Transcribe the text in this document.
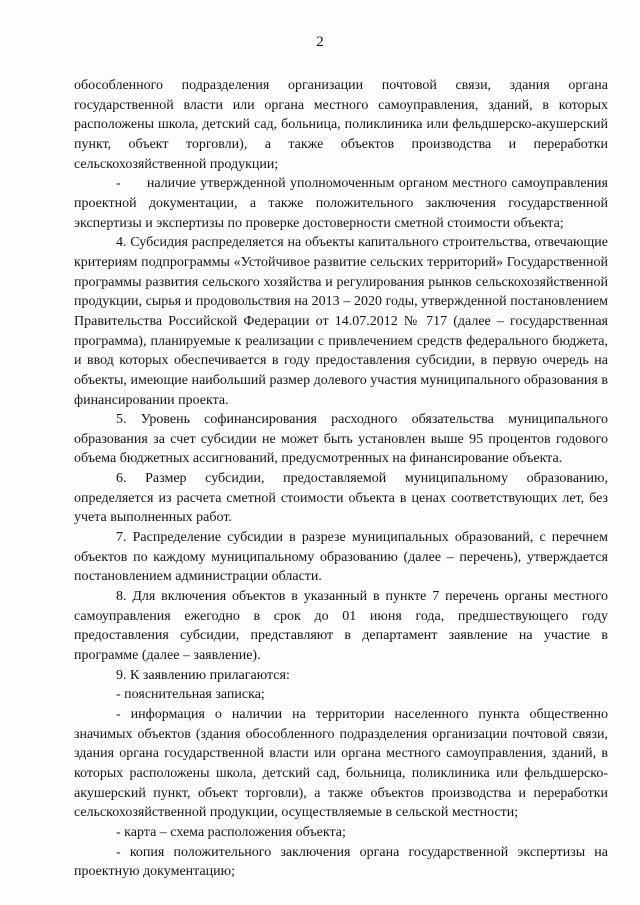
2

обособленного подразделения организации почтовой связи, здания органа государственной власти или органа местного самоуправления, зданий, в которых расположены школа, детский сад, больница, поликлиника или фельдшерско-акушерский пункт, объект торговли), а также объектов производства и переработки сельскохозяйственной продукции;

-      наличие утвержденной уполномоченным органом местного самоуправления проектной документации, а также положительного заключения государственной экспертизы и экспертизы по проверке достоверности сметной стоимости объекта;

4. Субсидия распределяется на объекты капитального строительства, отвечающие критериям подпрограммы «Устойчивое развитие сельских территорий» Государственной программы развития сельского хозяйства и регулирования рынков сельскохозяйственной продукции, сырья и продовольствия на 2013 – 2020 годы, утвержденной постановлением Правительства Российской Федерации от 14.07.2012 № 717 (далее – государственная программа), планируемые к реализации с привлечением средств федерального бюджета, и ввод которых обеспечивается в году предоставления субсидии, в первую очередь на объекты, имеющие наибольший размер долевого участия муниципального образования в финансировании проекта.

5. Уровень софинансирования расходного обязательства муниципального образования за счет субсидии не может быть установлен выше 95 процентов годового объема бюджетных ассигнований, предусмотренных на финансирование объекта.

6. Размер субсидии, предоставляемой муниципальному образованию, определяется из расчета сметной стоимости объекта в ценах соответствующих лет, без учета выполненных работ.

7. Распределение субсидии в разрезе муниципальных образований, с перечнем объектов по каждому муниципальному образованию (далее – перечень), утверждается постановлением администрации области.

8. Для включения объектов в указанный в пункте 7 перечень органы местного самоуправления ежегодно в срок до 01 июня года, предшествующего году предоставления субсидии, представляют в департамент заявление на участие в программе (далее – заявление).

9. К заявлению прилагаются:

- пояснительная записка;

- информация о наличии на территории населенного пункта общественно значимых объектов (здания обособленного подразделения организации почтовой связи, здания органа государственной власти или органа местного самоуправления, зданий, в которых расположены школа, детский сад, больница, поликлиника или фельдшерско-акушерский пункт, объект торговли), а также объектов производства и переработки сельскохозяйственной продукции, осуществляемые в сельской местности;

- карта – схема расположения объекта;

- копия положительного заключения органа государственной экспертизы на проектную документацию;
